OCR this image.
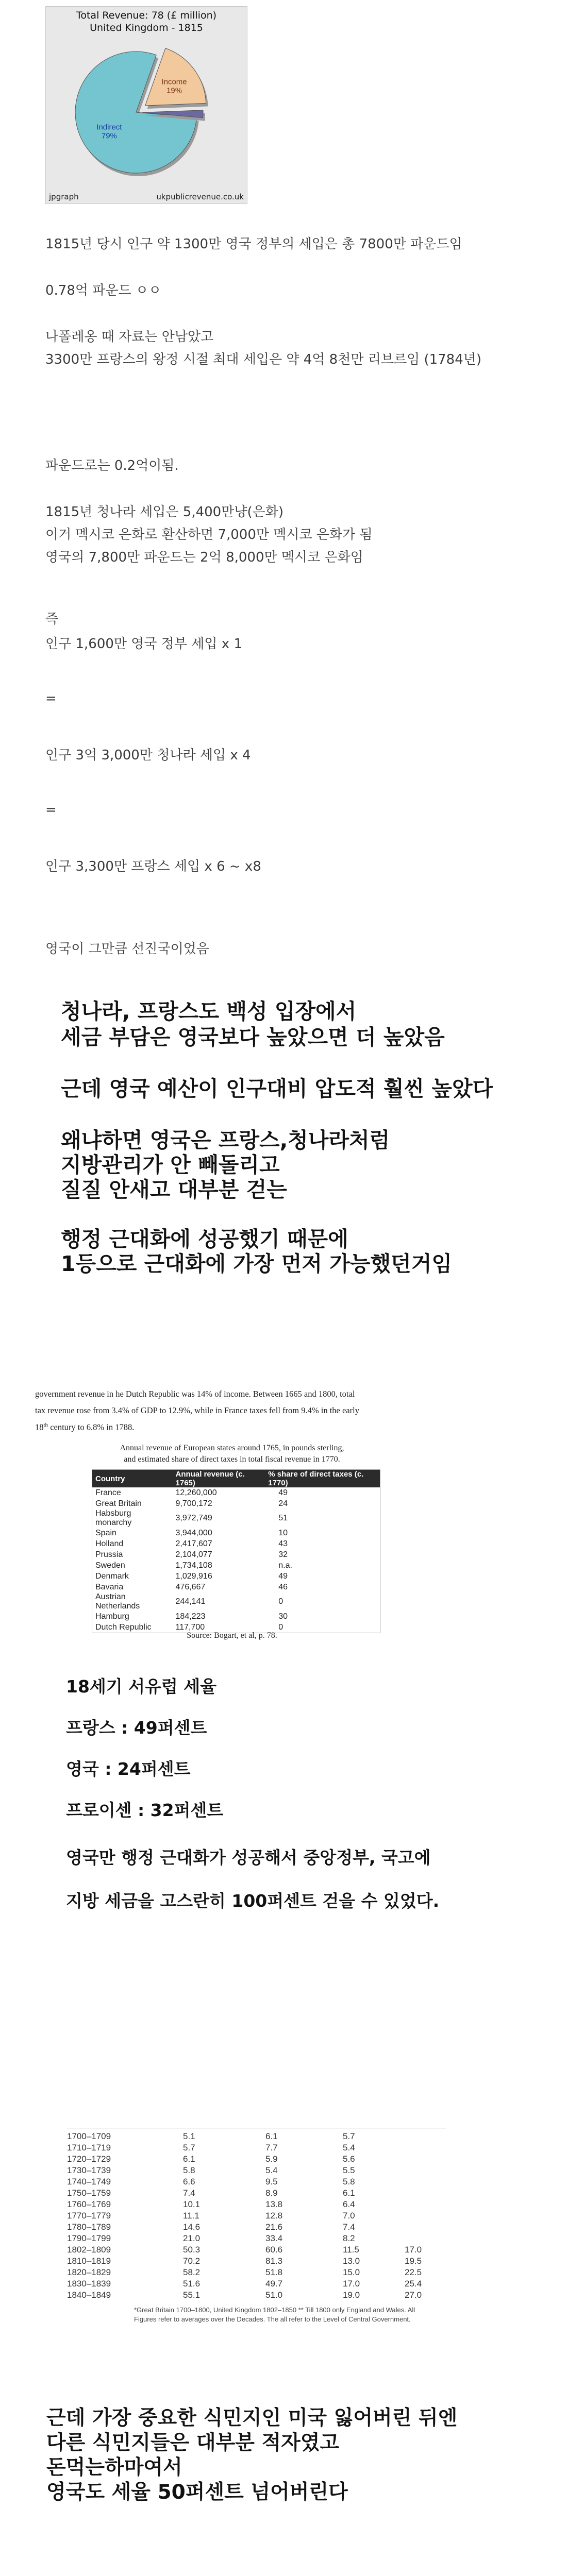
Total Revenue: 78 (£ million)
United Kingdom - 1815
Indirect
79%
Income
19%
jpgraph	ukpublicrevenue.co.uk

1815년 당시 인구 약 1300만 영국 정부의 세입은 총 7800만 파운드임

0.78억 파운드 ㅇㅇ

나폴레옹 때 자료는 안남았고

3300만 프랑스의 왕정 시절 최대 세입은 약 4억 8천만 리브르임 (1784년)

파운드로는 0.2억이됨.

1815년 청나라 세입은 5,400만냥(은화)

이거 멕시코 은화로 환산하면 7,000만 멕시코 은화가 됨

영국의 7,800만 파운드는 2억 8,000만 멕시코 은화임

즉

인구 1,600만 영국 정부 세입 x 1

=

인구 3억 3,000만 청나라 세입 x 4

=

인구 3,300만 프랑스 세입 x 6 ~ x8

영국이 그만큼 선진국이었음

청나라, 프랑스도 백성 입장에서

세금 부담은 영국보다 높았으면 더 높았음

근데 영국 예산이 인구대비 압도적 훨씬 높았다

왜냐하면 영국은 프랑스,청나라처럼

지방관리가 안 빼돌리고

질질 안새고 대부분 걷는

행정 근대화에 성공했기 때문에

1등으로 근대화에 가장 먼저 가능했던거임

government revenue in he Dutch Republic was 14% of income. Between 1665 and 1800, total
tax revenue rose from 3.4% of GDP to 12.9%, while in France taxes fell from 9.4% in the early
18th century to 6.8% in 1788.
Annual revenue of European states around 1765, in pounds sterling,
and estimated share of direct taxes in total fiscal revenue in 1770.
Country	Annual revenue (c. 1765)	% share of direct taxes (c. 1770)
France	12,260,000	49
Great Britain	9,700,172	24
Habsburg monarchy	3,972,749	51
Spain	3,944,000	10
Holland	2,417,607	43
Prussia	2,104,077	32
Sweden	1,734,108	n.a.
Denmark	1,029,916	49
Bavaria	476,667	46
Austrian Netherlands	244,141	0
Hamburg	184,223	30
Dutch Republic	117,700	0
Source: Bogart, et al, p. 78.

18세기 서유럽 세율

프랑스 : 49퍼센트

영국 : 24퍼센트

프로이센 : 32퍼센트

영국만 행정 근대화가 성공해서 중앙정부, 국고에

지방 세금을 고스란히 100퍼센트 걷을 수 있었다.

1700–1709	5.1	6.1	5.7	
1710–1719	5.7	7.7	5.4	
1720–1729	6.1	5.9	5.6	
1730–1739	5.8	5.4	5.5	
1740–1749	6.6	9.5	5.8	
1750–1759	7.4	8.9	6.1	
1760–1769	10.1	13.8	6.4	
1770–1779	11.1	12.8	7.0	
1780–1789	14.6	21.6	7.4	
1790–1799	21.0	33.4	8.2	
1802–1809	50.3	60.6	11.5	17.0
1810–1819	70.2	81.3	13.0	19.5
1820–1829	58.2	51.8	15.0	22.5
1830–1839	51.6	49.7	17.0	25.4
1840–1849	55.1	51.0	19.0	27.0
*Great Britain 1700–1800, United Kingdom 1802–1850 ** Till 1800 only England and Wales. All
Figures refer to averages over the Decades. The all refer to the Level of Central Government.

근데 가장 중요한 식민지인 미국 잃어버린 뒤엔

다른 식민지들은 대부분 적자였고

돈먹는하마여서

영국도 세율 50퍼센트 넘어버린다
